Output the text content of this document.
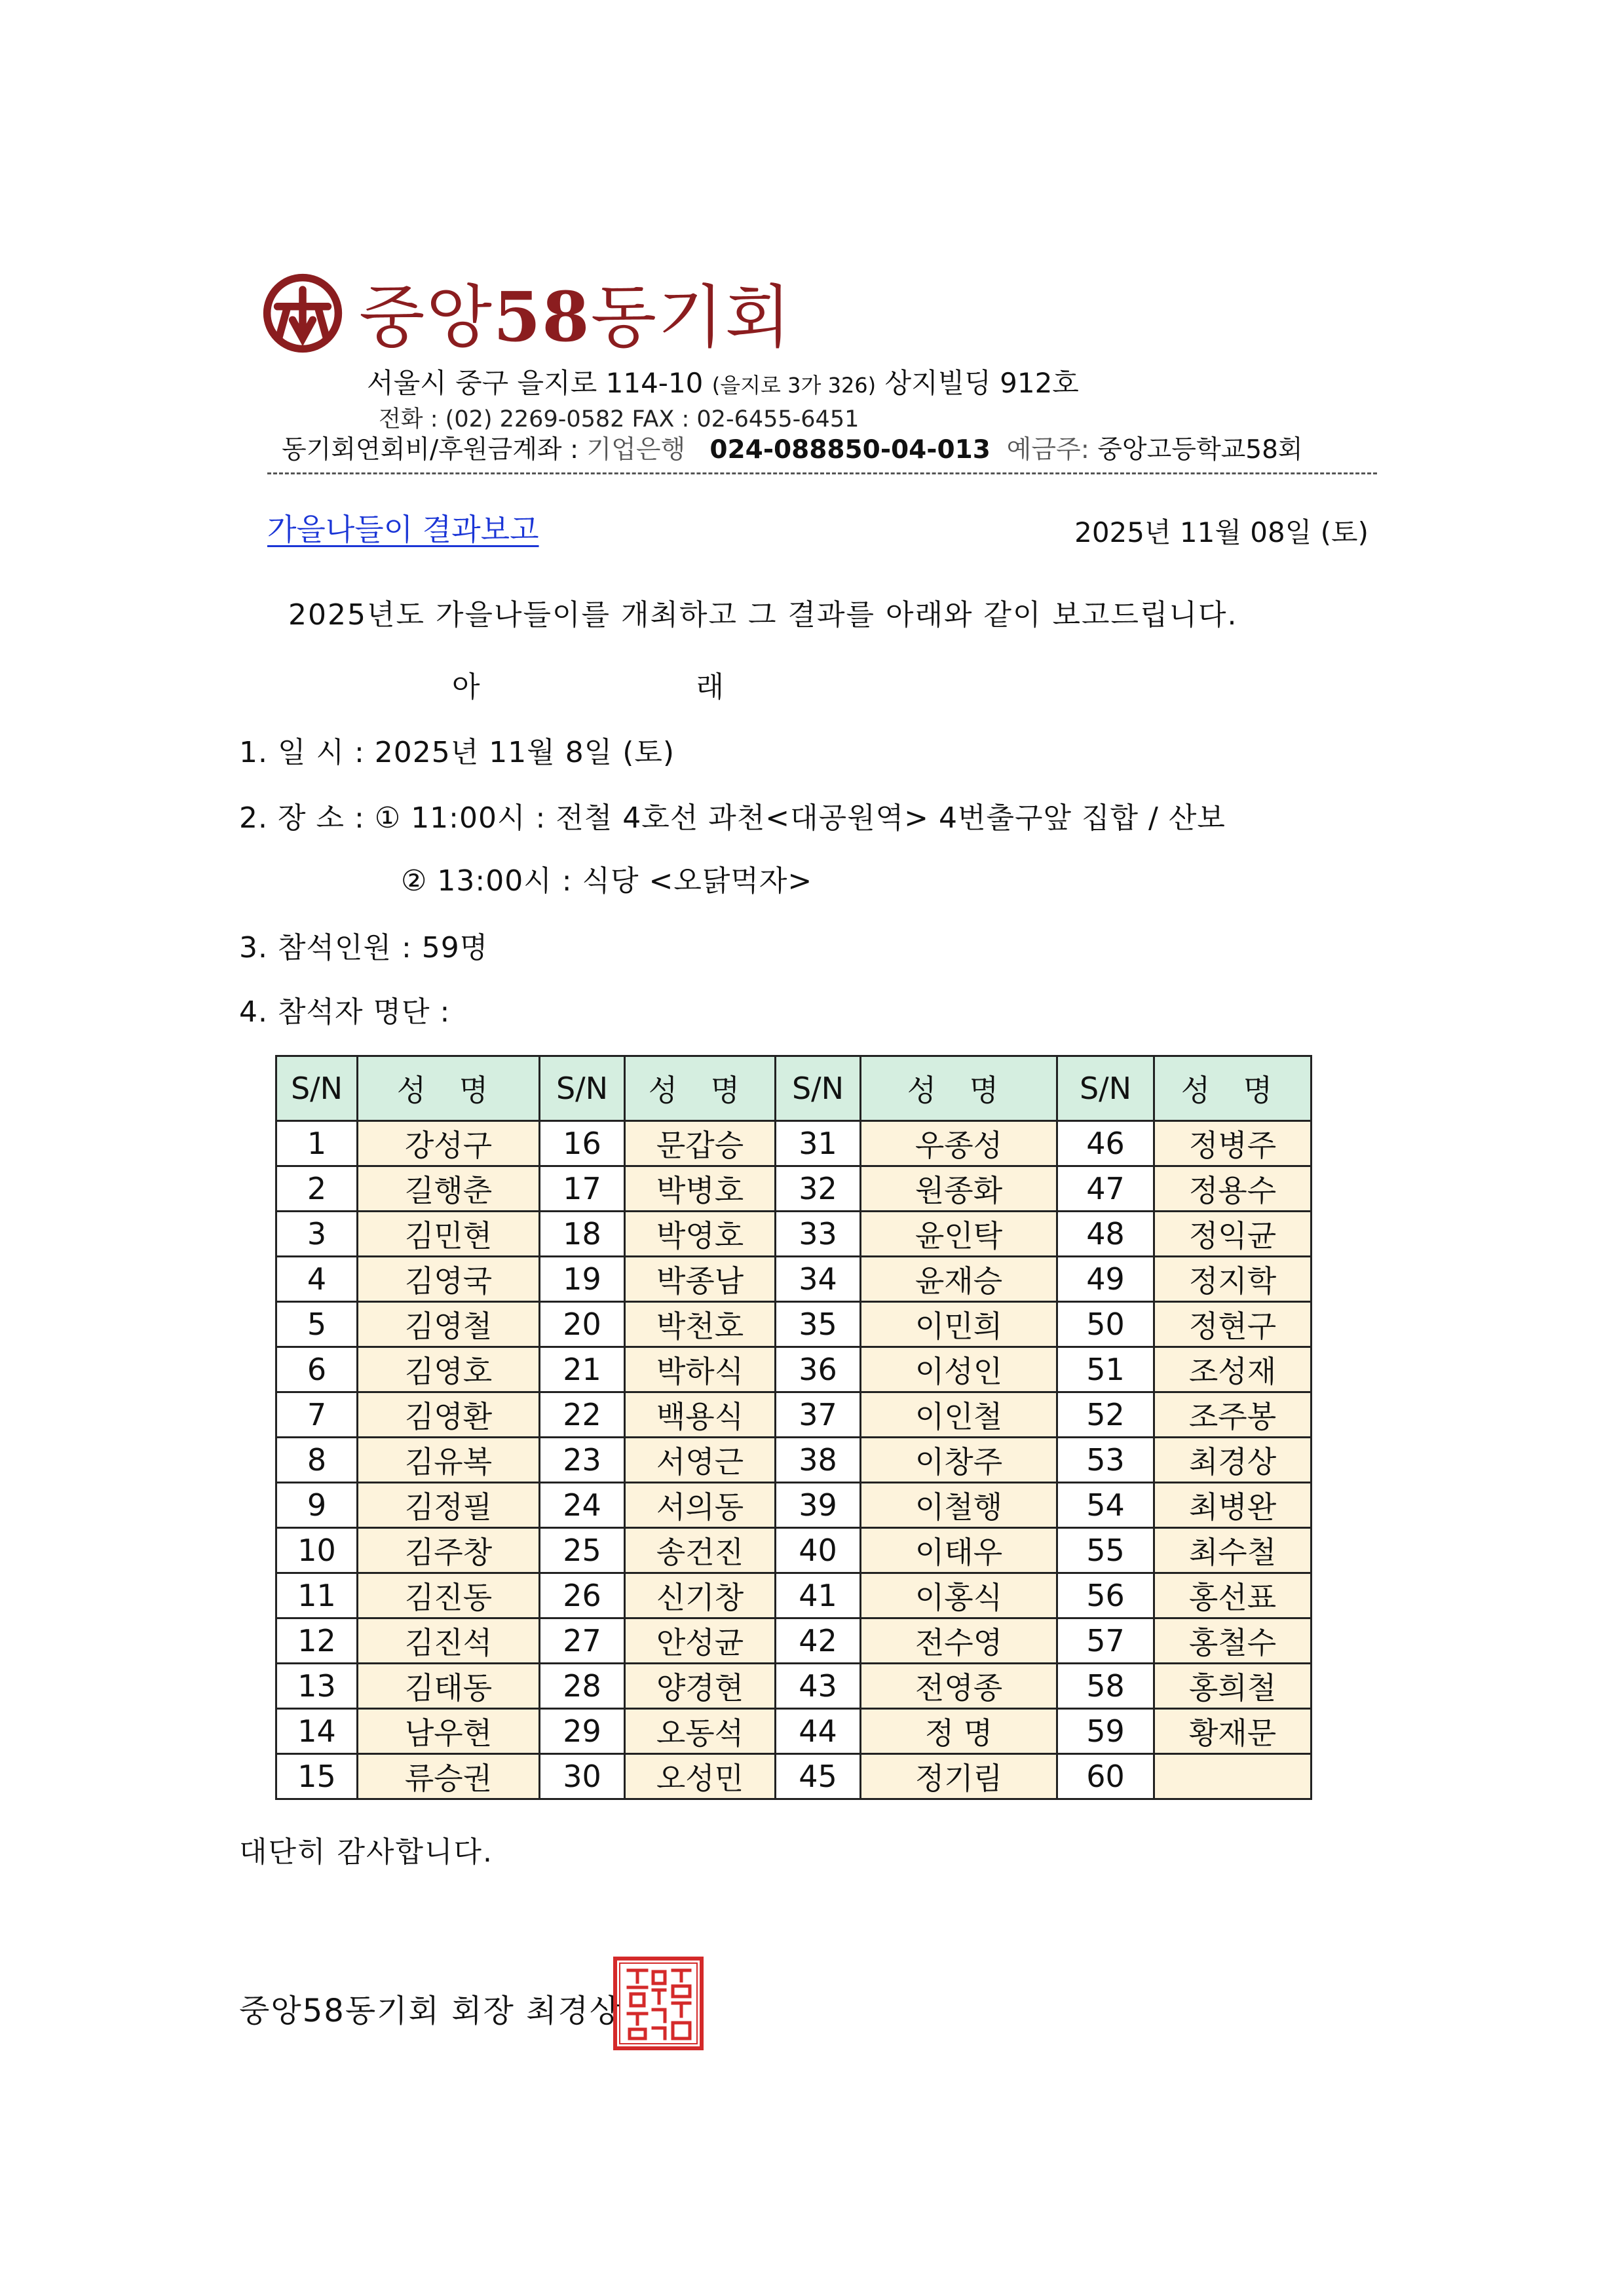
중앙58동기회
서울시 중구 을지로 114-10 (을지로 3가 326) 상지빌딩 912호
전화 : (02) 2269-0582 FAX : 02-6455-6451
동기회연회비/후원금계좌 : 기업은행 024-088850-04-013 예금주: 중앙고등학교58회
가을나들이 결과보고	2025년 11월 08일 (토)
2025년도 가을나들이를 개최하고 그 결과를 아래와 같이 보고드립니다.
아	래
1. 일 시 : 2025년 11월 8일 (토)
2. 장 소 : ① 11:00시 : 전철 4호선 과천<대공원역> 4번출구앞 집합 / 산보
② 13:00시 : 식당 <오닭먹자>
3. 참석인원 : 59명
4. 참석자 명단 :
S/N	성 명	S/N	성 명	S/N	성 명	S/N	성 명
1	강성구	16	문갑승	31	우종성	46	정병주
2	길행춘	17	박병호	32	원종화	47	정용수
3	김민현	18	박영호	33	윤인탁	48	정익균
4	김영국	19	박종남	34	윤재승	49	정지학
5	김영철	20	박천호	35	이민희	50	정현구
6	김영호	21	박하식	36	이성인	51	조성재
7	김영환	22	백용식	37	이인철	52	조주봉
8	김유복	23	서영근	38	이창주	53	최경상
9	김정필	24	서의동	39	이철행	54	최병완
10	김주창	25	송건진	40	이태우	55	최수철
11	김진동	26	신기창	41	이홍식	56	홍선표
12	김진석	27	안성균	42	전수영	57	홍철수
13	김태동	28	양경현	43	전영종	58	홍희철
14	남우현	29	오동석	44	정 명	59	황재문
15	류승권	30	오성민	45	정기림	60	
대단히 감사합니다.
중앙58동기회 회장 최경상
